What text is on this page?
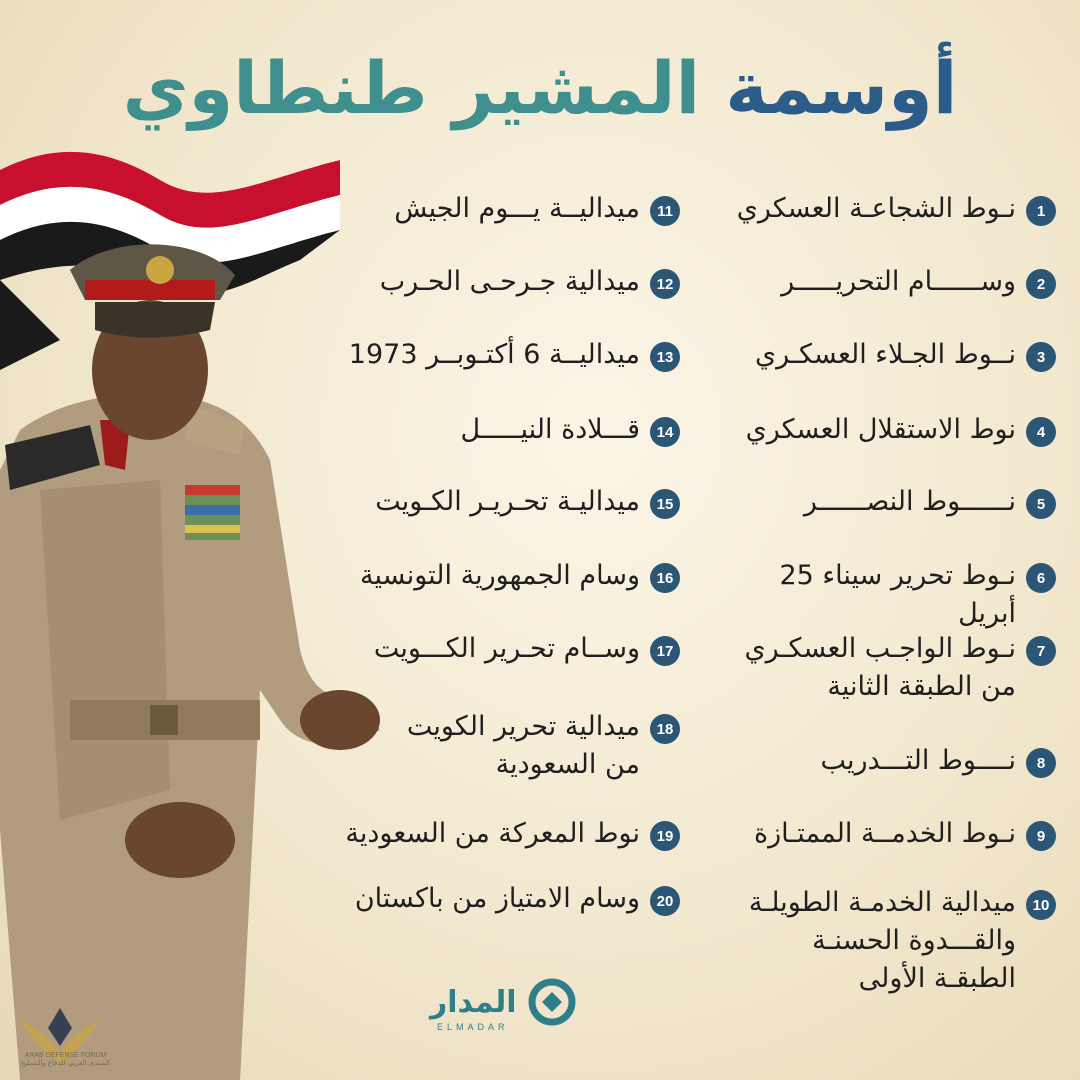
أوسمة المشير طنطاوي
1
نـوط الشجاعـة العسكري
2
وســــــام التحريـــــر
3
نــوط الجـلاء العسكـري
4
نوط الاستقلال العسكري
5
نــــــوط النصــــــر
6
نـوط تحرير سيناء 25 أبريل
7
نـوط الواجـب العسكـري
من الطبقة الثانية
8
نــــوط التـــدريب
9
نـوط الخدمــة الممتـازة
10
ميدالية الخدمـة الطويلـة
والقـــدوة الحسنـة
الطبقـة الأولى
11
ميداليــة يـــوم الجيش
12
ميدالية جـرحـى الحـرب
13
ميداليــة 6 أكتـوبــر 1973
14
قـــلادة النيـــــل
15
ميداليـة تحـريـر الكـويت
16
وسام الجمهورية التونسية
17
وســام تحـرير الكـــويت
18
ميدالية تحرير الكويت
من السعودية
19
نوط المعركة من السعودية
20
وسام الامتياز من باكستان
المدار
ELMADAR
ARAB DEFENSE FORUM
المنتدى العربي للدفاع والتسليح
